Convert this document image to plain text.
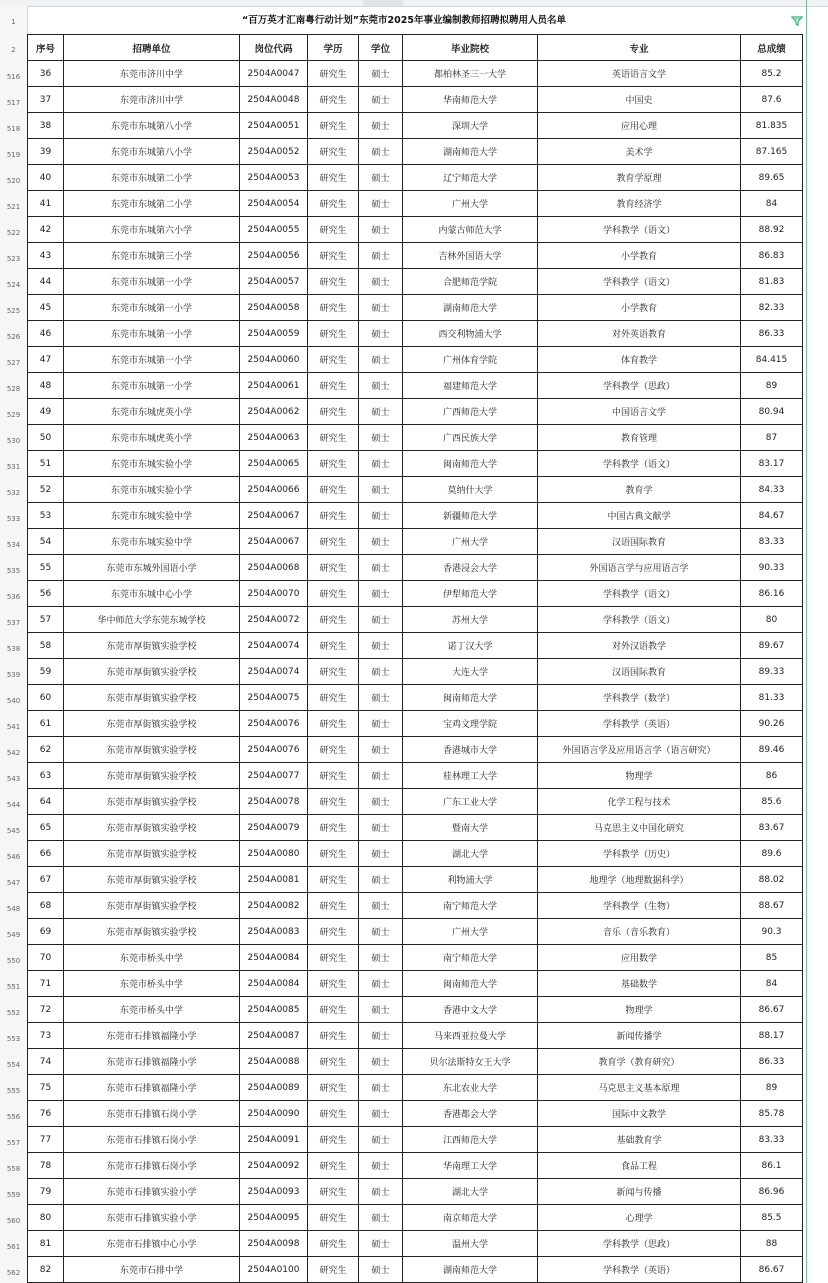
1
2
516
517
518
519
520
521
522
523
524
525
526
527
528
529
530
531
532
533
534
535
536
537
538
539
540
541
542
543
544
545
546
547
548
549
550
551
552
553
554
555
556
557
558
559
560
561
562
“百万英才汇南粤行动计划”东莞市2025年事业编制教师招聘拟聘用人员名单
序号	招聘单位	岗位代码	学历	学位	毕业院校	专业	总成绩
36	东莞市济川中学	2504A0047	研究生	硕士	都柏林圣三一大学	英语语言文学	85.2
37	东莞市济川中学	2504A0048	研究生	硕士	华南师范大学	中国史	87.6
38	东莞市东城第八小学	2504A0051	研究生	硕士	深圳大学	应用心理	81.835
39	东莞市东城第八小学	2504A0052	研究生	硕士	湖南师范大学	美术学	87.165
40	东莞市东城第二小学	2504A0053	研究生	硕士	辽宁师范大学	教育学原理	89.65
41	东莞市东城第二小学	2504A0054	研究生	硕士	广州大学	教育经济学	84
42	东莞市东城第六小学	2504A0055	研究生	硕士	内蒙古师范大学	学科教学（语文）	88.92
43	东莞市东城第三小学	2504A0056	研究生	硕士	吉林外国语大学	小学教育	86.83
44	东莞市东城第一小学	2504A0057	研究生	硕士	合肥师范学院	学科教学（语文）	81.83
45	东莞市东城第一小学	2504A0058	研究生	硕士	湖南师范大学	小学教育	82.33
46	东莞市东城第一小学	2504A0059	研究生	硕士	西交利物浦大学	对外英语教育	86.33
47	东莞市东城第一小学	2504A0060	研究生	硕士	广州体育学院	体育教学	84.415
48	东莞市东城第一小学	2504A0061	研究生	硕士	福建师范大学	学科教学（思政）	89
49	东莞市东城虎英小学	2504A0062	研究生	硕士	广西师范大学	中国语言文学	80.94
50	东莞市东城虎英小学	2504A0063	研究生	硕士	广西民族大学	教育管理	87
51	东莞市东城实验小学	2504A0065	研究生	硕士	闽南师范大学	学科教学（语文）	83.17
52	东莞市东城实验小学	2504A0066	研究生	硕士	莫纳什大学	教育学	84.33
53	东莞市东城实验中学	2504A0067	研究生	硕士	新疆师范大学	中国古典文献学	84.67
54	东莞市东城实验中学	2504A0067	研究生	硕士	广州大学	汉语国际教育	83.33
55	东莞市东城外国语小学	2504A0068	研究生	硕士	香港浸会大学	外国语言学与应用语言学	90.33
56	东莞市东城中心小学	2504A0070	研究生	硕士	伊犁师范大学	学科教学（语文）	86.16
57	华中师范大学东莞东城学校	2504A0072	研究生	硕士	苏州大学	学科教学（语文）	80
58	东莞市厚街镇实验学校	2504A0074	研究生	硕士	诺丁汉大学	对外汉语教学	89.67
59	东莞市厚街镇实验学校	2504A0074	研究生	硕士	大连大学	汉语国际教育	89.33
60	东莞市厚街镇实验学校	2504A0075	研究生	硕士	闽南师范大学	学科教学（数学）	81.33
61	东莞市厚街镇实验学校	2504A0076	研究生	硕士	宝鸡文理学院	学科教学（英语）	90.26
62	东莞市厚街镇实验学校	2504A0076	研究生	硕士	香港城市大学	外国语言学及应用语言学（语言研究）	89.46
63	东莞市厚街镇实验学校	2504A0077	研究生	硕士	桂林理工大学	物理学	86
64	东莞市厚街镇实验学校	2504A0078	研究生	硕士	广东工业大学	化学工程与技术	85.6
65	东莞市厚街镇实验学校	2504A0079	研究生	硕士	暨南大学	马克思主义中国化研究	83.67
66	东莞市厚街镇实验学校	2504A0080	研究生	硕士	湖北大学	学科教学（历史）	89.6
67	东莞市厚街镇实验学校	2504A0081	研究生	硕士	利物浦大学	地理学（地理数据科学）	88.02
68	东莞市厚街镇实验学校	2504A0082	研究生	硕士	南宁师范大学	学科教学（生物）	88.67
69	东莞市厚街镇实验学校	2504A0083	研究生	硕士	广州大学	音乐（音乐教育）	90.3
70	东莞市桥头中学	2504A0084	研究生	硕士	南宁师范大学	应用数学	85
71	东莞市桥头中学	2504A0084	研究生	硕士	闽南师范大学	基础数学	84
72	东莞市桥头中学	2504A0085	研究生	硕士	香港中文大学	物理学	86.67
73	东莞市石排镇福隆小学	2504A0087	研究生	硕士	马来西亚拉曼大学	新闻传播学	88.17
74	东莞市石排镇福隆小学	2504A0088	研究生	硕士	贝尔法斯特女王大学	教育学（教育研究）	86.33
75	东莞市石排镇福隆小学	2504A0089	研究生	硕士	东北农业大学	马克思主义基本原理	89
76	东莞市石排镇石岗小学	2504A0090	研究生	硕士	香港都会大学	国际中文教学	85.78
77	东莞市石排镇石岗小学	2504A0091	研究生	硕士	江西师范大学	基础教育学	83.33
78	东莞市石排镇石岗小学	2504A0092	研究生	硕士	华南理工大学	食品工程	86.1
79	东莞市石排镇实验小学	2504A0093	研究生	硕士	湖北大学	新闻与传播	86.96
80	东莞市石排镇实验小学	2504A0095	研究生	硕士	南京师范大学	心理学	85.5
81	东莞市石排镇中心小学	2504A0098	研究生	硕士	温州大学	学科教学（思政）	88
82	东莞市石排中学	2504A0100	研究生	硕士	湖南师范大学	学科教学（英语）	86.67
